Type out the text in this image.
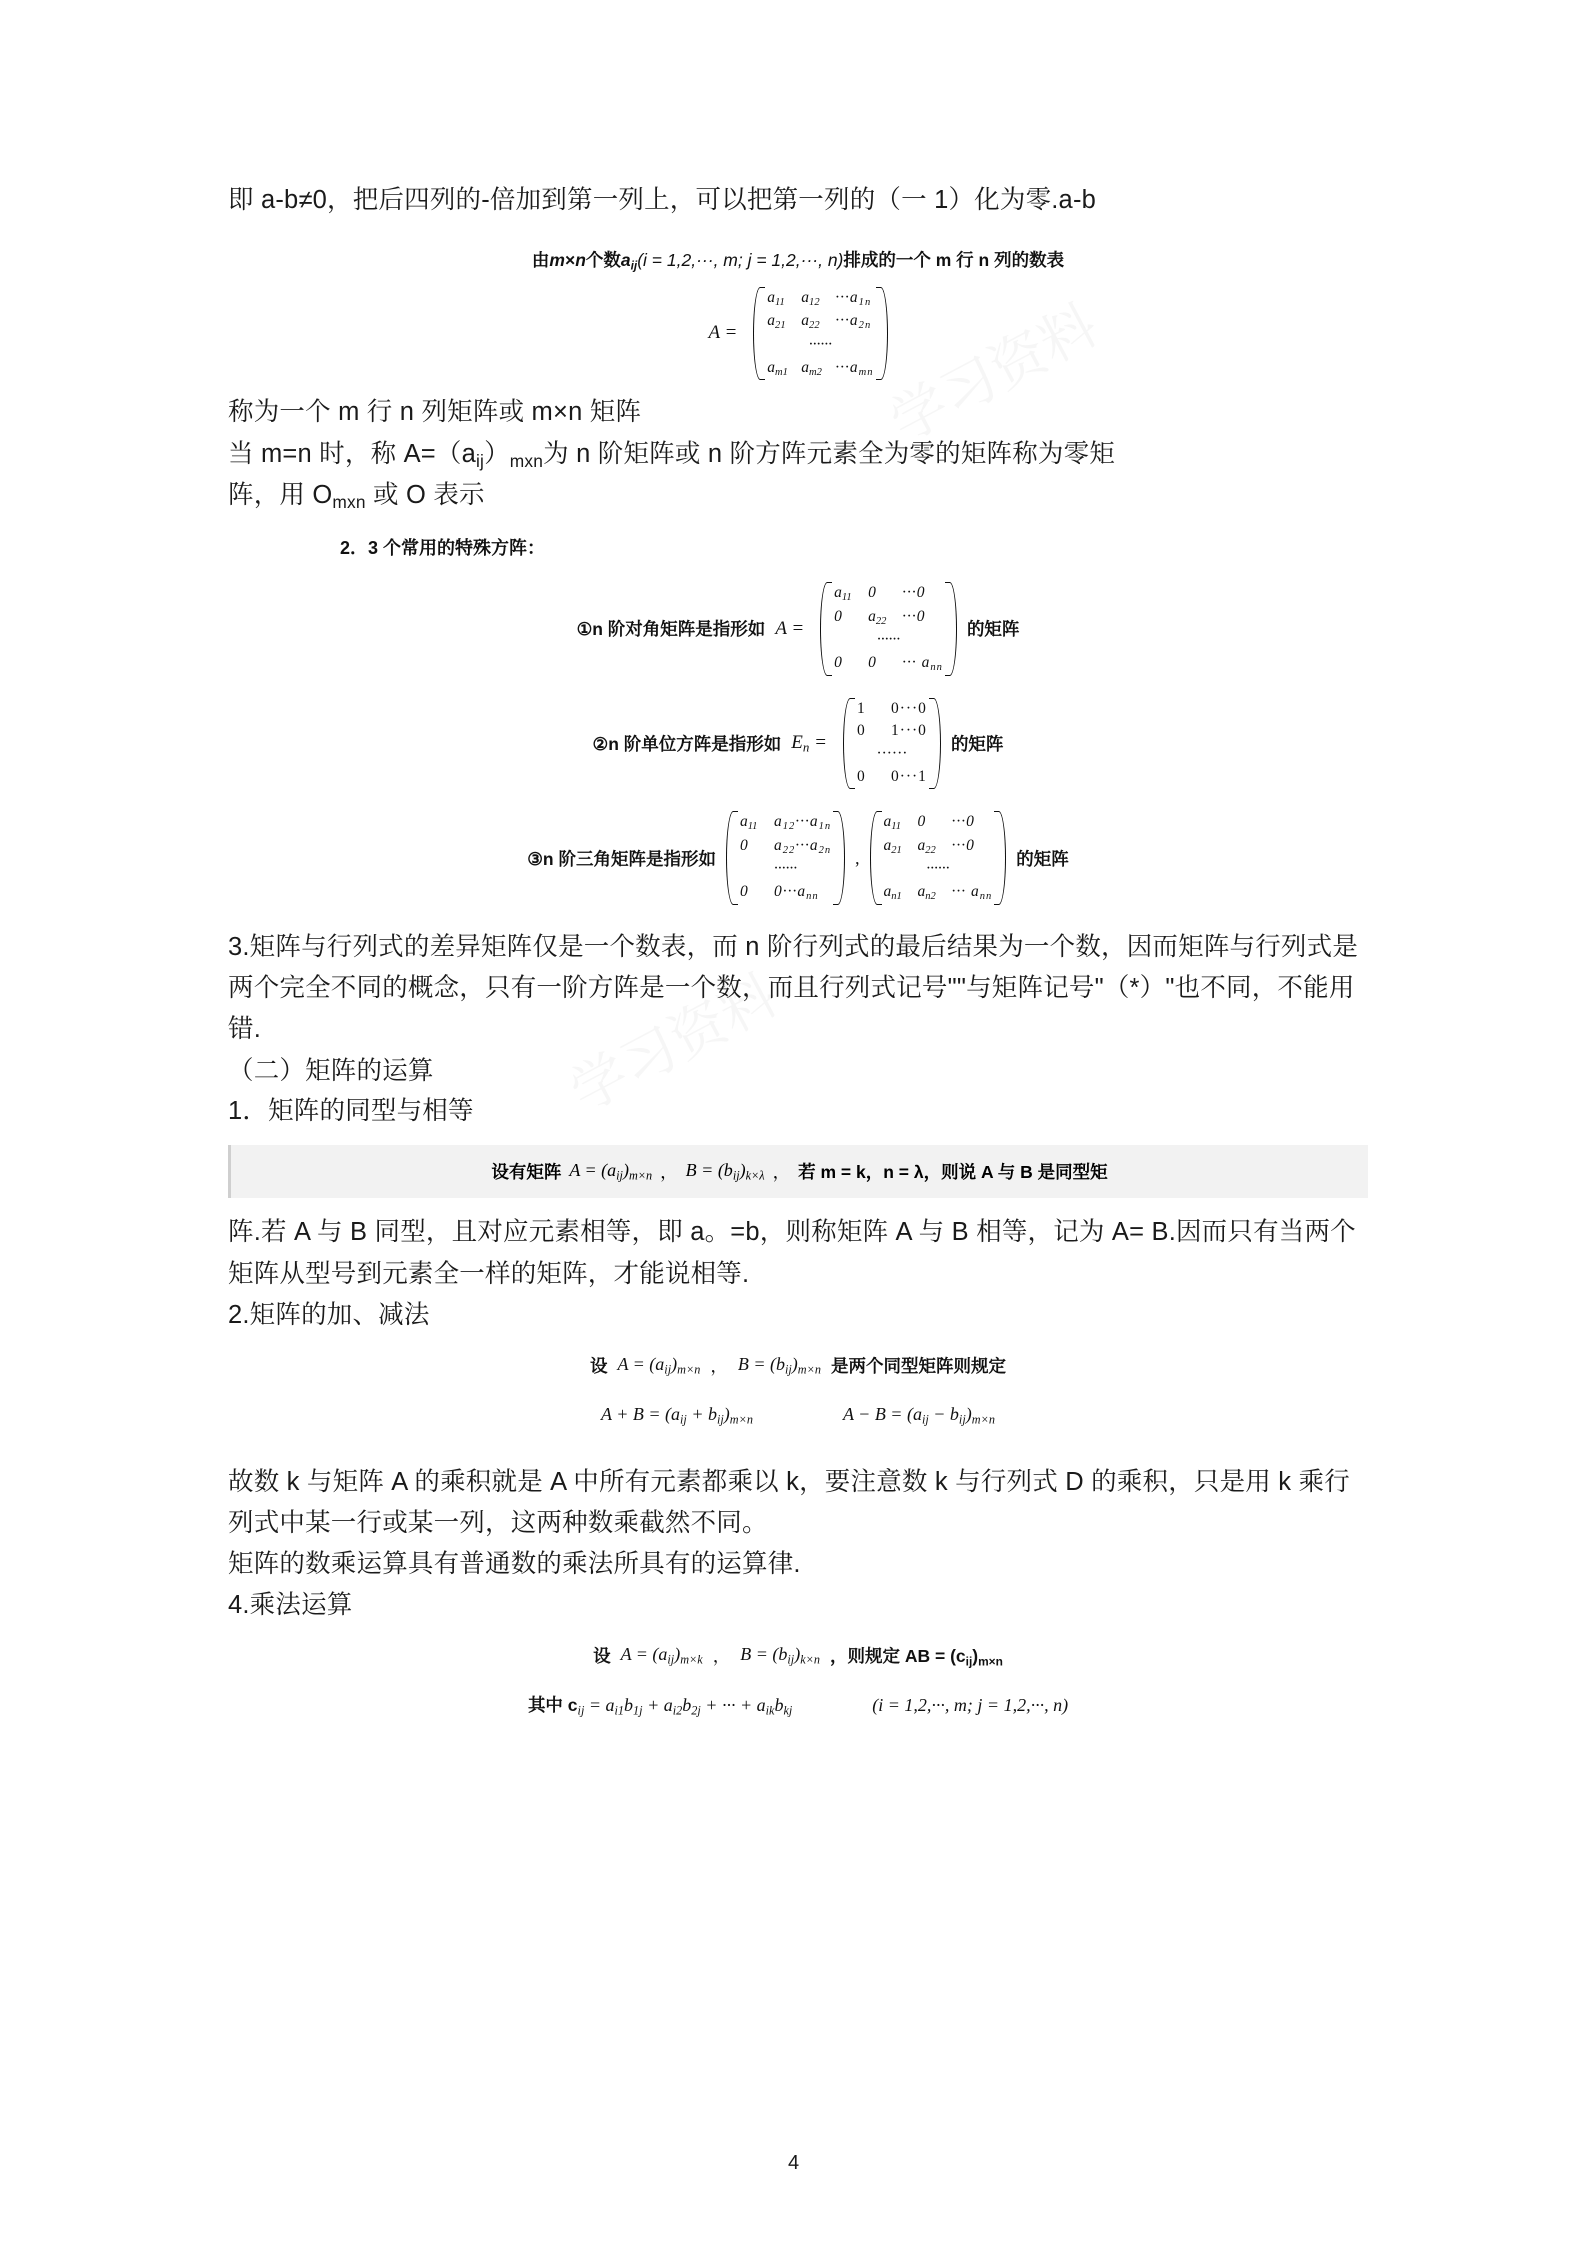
即 a-b≠0，把后四列的-倍加到第一列上，可以把第一列的（一 1）化为零.a-b

由m×n个数$a_{ij}(i = 1,2,\cdot\cdot\cdot$, m; j = 1,2,···, n)排成的一个 m 行 n 列的数表
A =
$a_{11}$ $a_{12} \cdot\cdot\cdot a_{1n}$
$a_{21}$ $a_{22} \cdot\cdot\cdot a_{2n}$
······
$a_{m1}$ $a_{m2} \cdot\cdot\cdot a_{mn}$

称为一个 m 行 n 列矩阵或 m×n 矩阵

当 m=n 时，称 $A=(a_{ij})_{mxn}$为 n 阶矩阵或 n 阶方阵元素全为零的矩阵称为零矩

阵，用 $O_{mxn}$ 或 O 表示

2．3 个常用的特殊方阵：
①n 阶对角矩阵是指形如 A =
$a_{11}$ 0 ···0
0 $a_{22} \cdot\cdot\cdot 0$
······
0 0 ··· $a_{nn}$
的矩阵
②n 阶单位方阵是指形如 $E_n$ =
1 0···0
0 1···0
······
0 0···1
的矩阵
③n 阶三角矩阵是指形如
$a_{11}$ $a_{12}\cdot\cdot\cdot a_{1n}$
0 $a_{22}\cdot\cdot\cdot a_{2n}$
······
0 $0\cdot\cdot\cdot a_{nn}$
,
$a_{11}$ 0 ···0
$a_{21}$ $a_{22} \cdot\cdot\cdot 0$
······
$a_{n1}$ $a_{n2}$ ··· $a_{nn}$
的矩阵

3.矩阵与行列式的差异矩阵仅是一个数表，而 n 阶行列式的最后结果为一个数，因而矩阵与行列式是两个完全不同的概念，只有一阶方阵是一个数，而且行列式记号""与矩阵记号"（*）"也不同，不能用错.

（二）矩阵的运算

1．矩阵的同型与相等

设有矩阵 $A = (a_{ij})_{m\times n}$ ， $B = (b_{ij})_{k\times\lambda}$ ， 若 m = k，n = λ，则说 A 与 B 是同型矩

阵.若 A 与 B 同型，且对应元素相等，即 a。=b，则称矩阵 A 与 B 相等，记为 A= B.因而只有当两个矩阵从型号到元素全一样的矩阵，才能说相等.

2.矩阵的加、减法

设 $A = (a_{ij})_{m\times n}$ ， $B = (b_{ij})_{m\times n}$ 是两个同型矩阵则规定
$A + B = (a_{ij} + b_{ij})_{m\times n}$	$A - B = (a_{ij} - b_{ij})_{m\times n}$

故数 k 与矩阵 A 的乘积就是 A 中所有元素都乘以 k，要注意数 k 与行列式 D 的乘积，只是用 k 乘行列式中某一行或某一列，这两种数乘截然不同。

矩阵的数乘运算具有普通数的乘法所具有的运算律.

4.乘法运算

设 $A = (a_{ij})_{m\times k}$ ， $B = (b_{ij})_{k\times n}$ ，则规定 AB = $(c_{ij})_{m\times n}$
其中 $c_{ij} = a_{i1}b_{1j} + a_{i2}b_{2j}$ + ··· + $a_{ik}b_{kj}$	(i = 1,2,···, m; j = 1,2,···, n)
4
